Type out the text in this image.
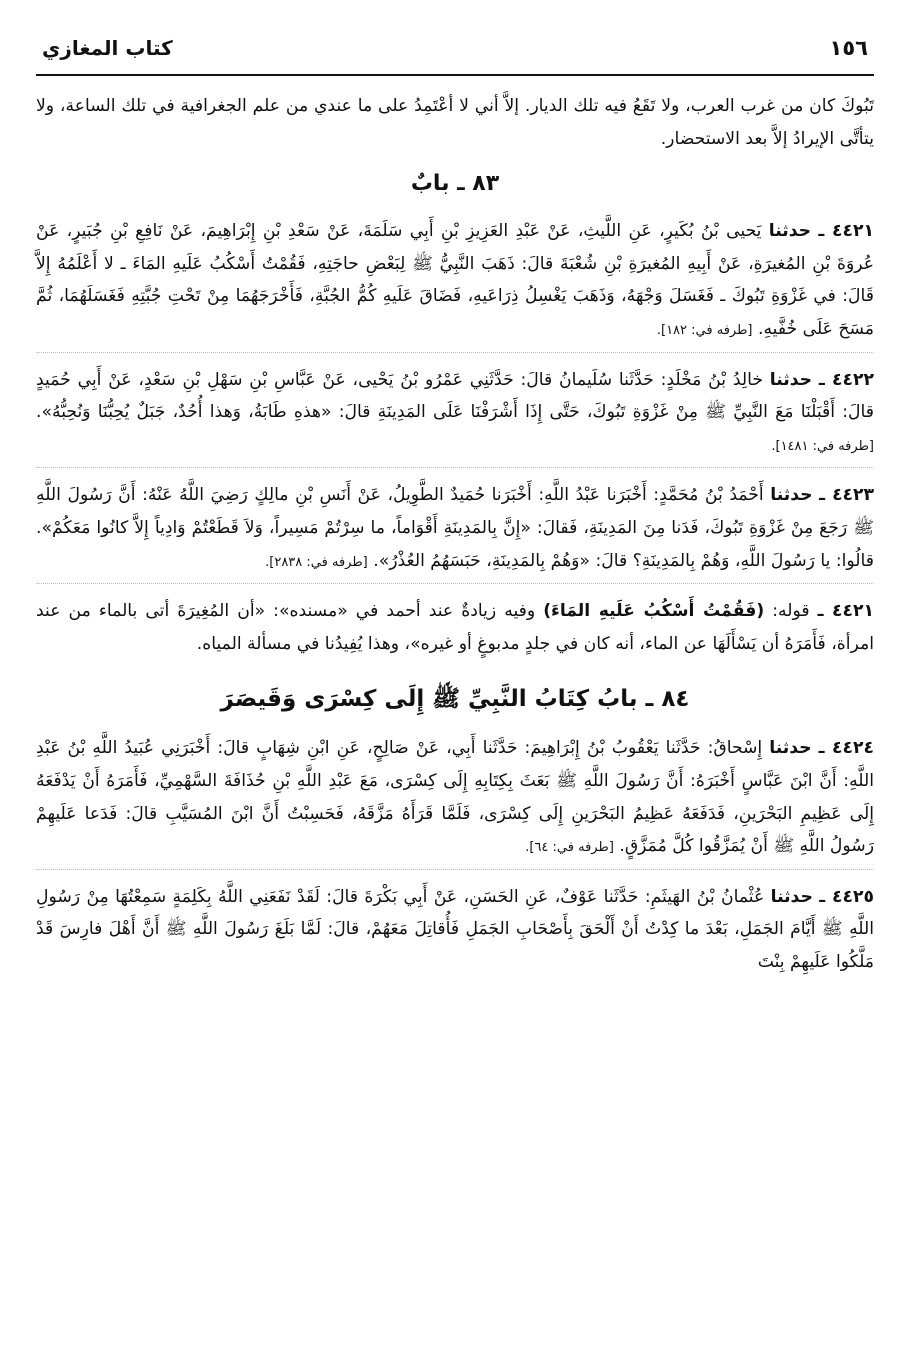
١٥٦
كتاب المغازي

تَبُوكَ كان من غرب العرب، ولا تَقَعُ فيه تلك الديار. إلاَّ أني لا أعْتَمِدُ على ما عندي من علم الجغرافية في تلك الساعة، ولا يتأتَّى الإيرادُ إلاَّ بعد الاستحضار.

٨٣ ـ بابٌ

٤٤٢١ ـ حدثنا يَحيى بْنُ بُكَيرٍ، عَنِ اللَّيثِ، عَنْ عَبْدِ العَزِيزِ بْنِ أَبِي سَلَمَةَ، عَنْ سَعْدِ بْنِ إِبْرَاهِيمَ، عَنْ نَافِعِ بْنِ جُبَيرٍ، عَنْ عُروَةَ بْنِ المُغيرَةِ، عَنْ أَبِيهِ المُغيرَةِ بْنِ شُعْبَةَ قالَ: ذَهَبَ النَّبِيُّ ﷺ لِبَعْضِ حاجَتِهِ، فَقُمْتُ أَسْكُبُ عَلَيهِ المَاءَ ـ لا أَعْلَمُهُ إِلاَّ قَالَ: في غَزْوَةِ تَبُوكَ ـ فَغَسَلَ وَجْهَهُ، وَذَهَبَ يَغْسِلُ ذِرَاعَيهِ، فَضَاقَ عَلَيهِ كُمُّ الجُبَّةِ، فَأَخْرَجَهُمَا مِنْ تَحْتِ جُبَّتِهِ فَغَسَلَهُمَا، ثُمَّ مَسَحَ عَلَى خُفَّيهِ. [طرفه في: ١٨٢].

٤٤٢٢ ـ حدثنا خالِدُ بْنُ مَخْلَدٍ: حَدَّثَنا سُلَيمانُ قالَ: حَدَّثَنِي عَمْرُو بْنُ يَحْيى، عَنْ عَبَّاسِ بْنِ سَهْلِ بْنِ سَعْدٍ، عَنْ أَبِي حُمَيدٍ قالَ: أَقْبَلْنَا مَعَ النَّبِيِّ ﷺ مِنْ غَزْوَةِ تَبُوكَ، حَتَّى إِذَا أَشْرَفْنَا عَلَى المَدِينَةِ قالَ: «هذهِ طَابَةُ، وَهذا أُحُدٌ، جَبَلٌ يُحِبُّنَا وَنُحِبُّهُ». [طرفه في: ١٤٨١].

٤٤٢٣ ـ حدثنا أَحْمَدُ بْنُ مُحَمَّدٍ: أَخْبَرَنا عَبْدُ اللَّهِ: أَخْبَرَنا حُمَيدٌ الطَّوِيلُ، عَنْ أَنَسِ بْنِ مالِكٍ رَضِيَ اللَّهُ عَنْهُ: أَنَّ رَسُولَ اللَّهِ ﷺ رَجَعَ مِنْ غَزْوَةِ تَبُوكَ، فَدَنا مِنَ المَدِينَةِ، فَقالَ: «إِنَّ بِالمَدِينَةِ أَقْوَاماً، ما سِرْتُمْ مَسِيراً، وَلاَ قَطَعْتُمْ وَادِياً إِلاَّ كانُوا مَعَكُمْ». قالُوا: يا رَسُولَ اللَّهِ، وَهُمْ بِالمَدِينَةِ؟ قالَ: «وَهُمْ بِالمَدِينَةِ، حَبَسَهُمُ العُذْرُ». [طرفه في: ٢٨٣٨].

٤٤٢١ ـ قوله: (فَقُمْتُ أَسْكُبُ عَلَيهِ المَاءَ) وفيه زيادةٌ عند أحمد في «مسنده»: «أن المُغِيرَةَ أتى بالماء من عند امرأة، فَأَمَرَهُ أن يَسْأَلَهَا عن الماء، أنه كان في جلدٍ مدبوغٍ أو غيره»، وهذا يُفِيدُنا في مسألة المياه.

٨٤ ـ بابُ كِتَابُ النَّبِيِّ ﷺ إِلَى كِسْرَى وَقَيصَرَ

٤٤٢٤ ـ حدثنا إِسْحاقُ: حَدَّثَنا يَعْقُوبُ بْنُ إِبْرَاهِيمَ: حَدَّثَنا أَبِي، عَنْ صَالِحٍ، عَنِ ابْنِ شِهَابٍ قالَ: أَخْبَرَنِي عُبَيدُ اللَّهِ بْنُ عَبْدِ اللَّهِ: أَنَّ ابْنَ عَبَّاسٍ أَخْبَرَهُ: أَنَّ رَسُولَ اللَّهِ ﷺ بَعَثَ بِكِتَابِهِ إِلَى كِسْرَى، مَعَ عَبْدِ اللَّهِ بْنِ حُذَافَةَ السَّهْمِيِّ، فَأَمَرَهُ أَنْ يَدْفَعَهُ إِلَى عَظِيمِ البَحْرَينِ، فَدَفَعَهُ عَظِيمُ البَحْرَينِ إِلَى كِسْرَى، فَلَمَّا قَرَأَهُ مَزَّقَهُ، فَحَسِبْتُ أَنَّ ابْنَ المُسَيَّبِ قالَ: فَدَعا عَلَيهِمْ رَسُولُ اللَّهِ ﷺ أَنْ يُمَزَّقُوا كُلَّ مُمَزَّقٍ. [طرفه في: ٦٤].

٤٤٢٥ ـ حدثنا عُثْمانُ بْنُ الهَيثَمِ: حَدَّثَنا عَوْفٌ، عَنِ الحَسَنِ، عَنْ أَبِي بَكْرَةَ قالَ: لَقَدْ نَفَعَنِي اللَّهُ بِكَلِمَةٍ سَمِعْتُهَا مِنْ رَسُولِ اللَّهِ ﷺ أَيَّامَ الجَمَلِ، بَعْدَ ما كِدْتُ أَنْ أَلْحَقَ بِأَصْحَابِ الجَمَلِ فَأُقاتِلَ مَعَهُمْ، قالَ: لَمَّا بَلَغَ رَسُولَ اللَّهِ ﷺ أَنَّ أَهْلَ فارِسَ قَدْ مَلَّكُوا عَلَيهِمْ بِنْتَ
